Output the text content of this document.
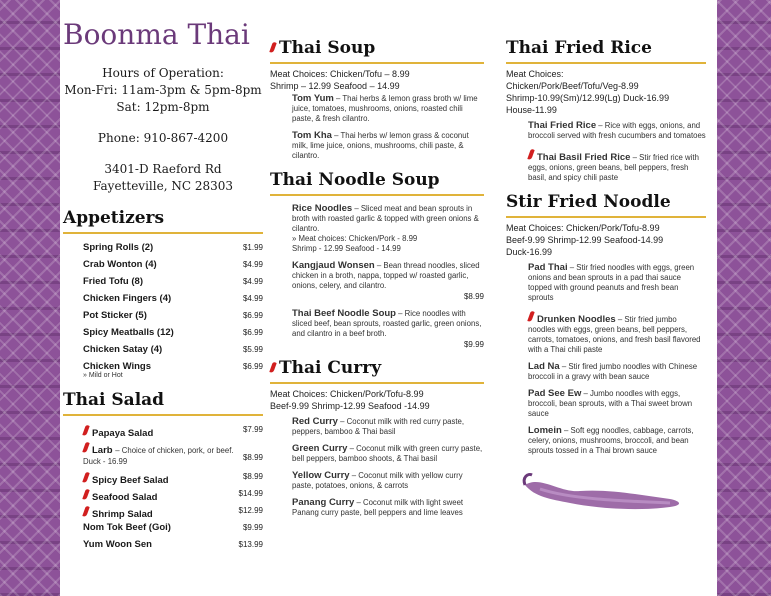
Boonma Thai
Hours of Operation:
Mon-Fri: 11am-3pm & 5pm-8pm
Sat: 12pm-8pm
Phone: 910-867-4200
3401-D Raeford Rd
Fayetteville, NC 28303
Appetizers
Spring Rolls (2)	$1.99
Crab Wonton (4)	$4.99
Fried Tofu (8)	$4.99
Chicken Fingers (4)	$4.99
Pot Sticker (5)	$6.99
Spicy Meatballs (12)	$6.99
Chicken Satay (4)	$5.99
Chicken Wings	$6.99
» Mild or Hot
Thai Salad
Papaya Salad	$7.99
Larb – Choice of chicken, pork, or beef.
Duck - 16.99	$8.99
Spicy Beef Salad	$8.99
Seafood Salad	$14.99
Shrimp Salad	$12.99
Nom Tok Beef (Goi)	$9.99
Yum Woon Sen	$13.99
Thai Soup
Meat Choices: Chicken/Tofu – 8.99
Shrimp – 12.99 Seafood – 14.99
Tom Yum – Thai herbs & lemon grass broth w/ lime juice, tomatoes, mushrooms, onions, roasted chili paste, & fresh cilantro.
Tom Kha – Thai herbs w/ lemon grass & coconut milk, lime juice, onions, mushrooms, chili paste, & cilantro.
Thai Noodle Soup
Rice Noodles – Sliced meat and bean sprouts in broth with roasted garlic & topped with green onions & cilantro.
» Meat choices: Chicken/Pork - 8.99
Shrimp - 12.99 Seafood - 14.99
Kangjaud Wonsen – Bean thread noodles, sliced chicken in a broth, nappa, topped w/ roasted garlic, onions, celery, and cilantro.
$8.99
Thai Beef Noodle Soup – Rice noodles with sliced beef, bean sprouts, roasted garlic, green onions, and cilantro in a beef broth.
$9.99
Thai Curry
Meat Choices: Chicken/Pork/Tofu-8.99
Beef-9.99 Shrimp-12.99 Seafood -14.99
Red Curry – Coconut milk with red curry paste, peppers, bamboo & Thai basil
Green Curry – Coconut milk with green curry paste, bell peppers, bamboo shoots, & Thai basil
Yellow Curry – Coconut milk with yellow curry paste, potatoes, onions, & carrots
Panang Curry – Coconut milk with light sweet Panang curry paste, bell peppers and lime leaves
Thai Fried Rice
Meat Choices:
Chicken/Pork/Beef/Tofu/Veg-8.99
Shrimp-10.99(Sm)/12.99(Lg) Duck-16.99
House-11.99
Thai Fried Rice – Rice with eggs, onions, and broccoli served with fresh cucumbers and tomatoes
Thai Basil Fried Rice – Stir fried rice with eggs, onions, green beans, bell peppers, fresh basil, and spicy chili paste
Stir Fried Noodle
Meat Choices: Chicken/Pork/Tofu-8.99
Beef-9.99 Shrimp-12.99 Seafood-14.99
Duck-16.99
Pad Thai – Stir fried noodles with eggs, green onions and bean sprouts in a pad thai sauce topped with ground peanuts and fresh bean sprouts
Drunken Noodles – Stir fried jumbo noodles with eggs, green beans, bell peppers, carrots, tomatoes, onions, and fresh basil flavored with a Thai chili paste
Lad Na – Stir fired jumbo noodles with Chinese broccoli in a gravy with bean sauce
Pad See Ew – Jumbo noodles with eggs, broccoli, bean sprouts, with a Thai sweet brown sauce
Lomein – Soft egg noodles, cabbage, carrots, celery, onions, mushrooms, broccoli, and bean sprouts tossed in a Thai brown sauce
